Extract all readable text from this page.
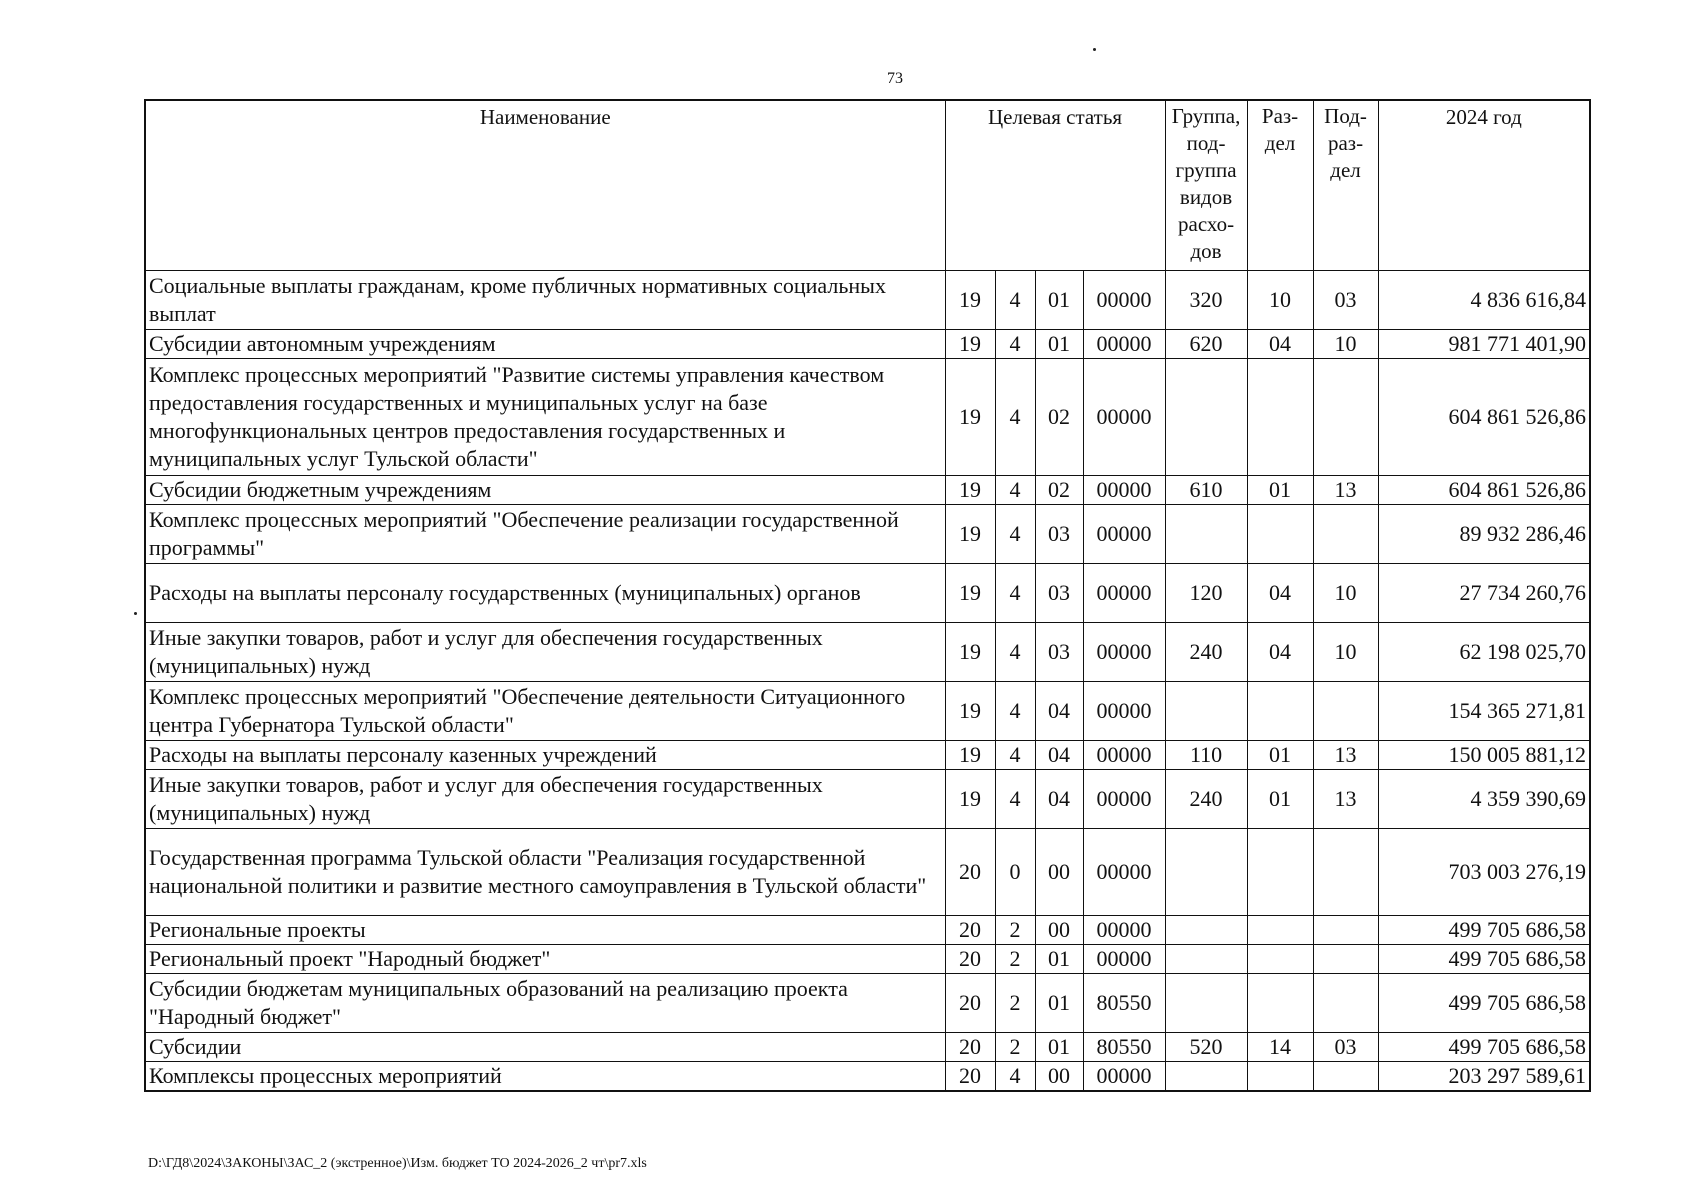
73
Наименование	Целевая статья				Группа, под- группа видов расхо- дов	Раз- дел	Под- раз- дел	2024 год
Социальные выплаты гражданам, кроме публичных нормативных социальных выплат	19	4	01	00000	320	10	03	4 836 616,84
Субсидии автономным учреждениям	19	4	01	00000	620	04	10	981 771 401,90
Комплекс процессных мероприятий "Развитие системы управления качеством предоставления государственных и муниципальных услуг на базе многофункциональных центров предоставления государственных и муниципальных услуг Тульской области"	19	4	02	00000				604 861 526,86
Субсидии бюджетным учреждениям	19	4	02	00000	610	01	13	604 861 526,86
Комплекс процессных мероприятий "Обеспечение реализации государственной программы"	19	4	03	00000				89 932 286,46
Расходы на выплаты персоналу государственных (муниципальных) органов	19	4	03	00000	120	04	10	27 734 260,76
Иные закупки товаров, работ и услуг для обеспечения государственных (муниципальных) нужд	19	4	03	00000	240	04	10	62 198 025,70
Комплекс процессных мероприятий "Обеспечение деятельности Ситуационного центра Губернатора Тульской области"	19	4	04	00000				154 365 271,81
Расходы на выплаты персоналу казенных учреждений	19	4	04	00000	110	01	13	150 005 881,12
Иные закупки товаров, работ и услуг для обеспечения государственных (муниципальных) нужд	19	4	04	00000	240	01	13	4 359 390,69
Государственная программа Тульской области "Реализация государственной национальной политики и развитие местного самоуправления в Тульской области"	20	0	00	00000				703 003 276,19
Региональные проекты	20	2	00	00000				499 705 686,58
Региональный проект "Народный бюджет"	20	2	01	00000				499 705 686,58
Субсидии бюджетам муниципальных образований на реализацию проекта "Народный бюджет"	20	2	01	80550				499 705 686,58
Субсидии	20	2	01	80550	520	14	03	499 705 686,58
Комплексы процессных мероприятий	20	4	00	00000				203 297 589,61
D:\ГД8\2024\ЗАКОНЫ\ЗАС_2 (экстренное)\Изм. бюджет ТО 2024-2026_2 чт\pr7.xls
